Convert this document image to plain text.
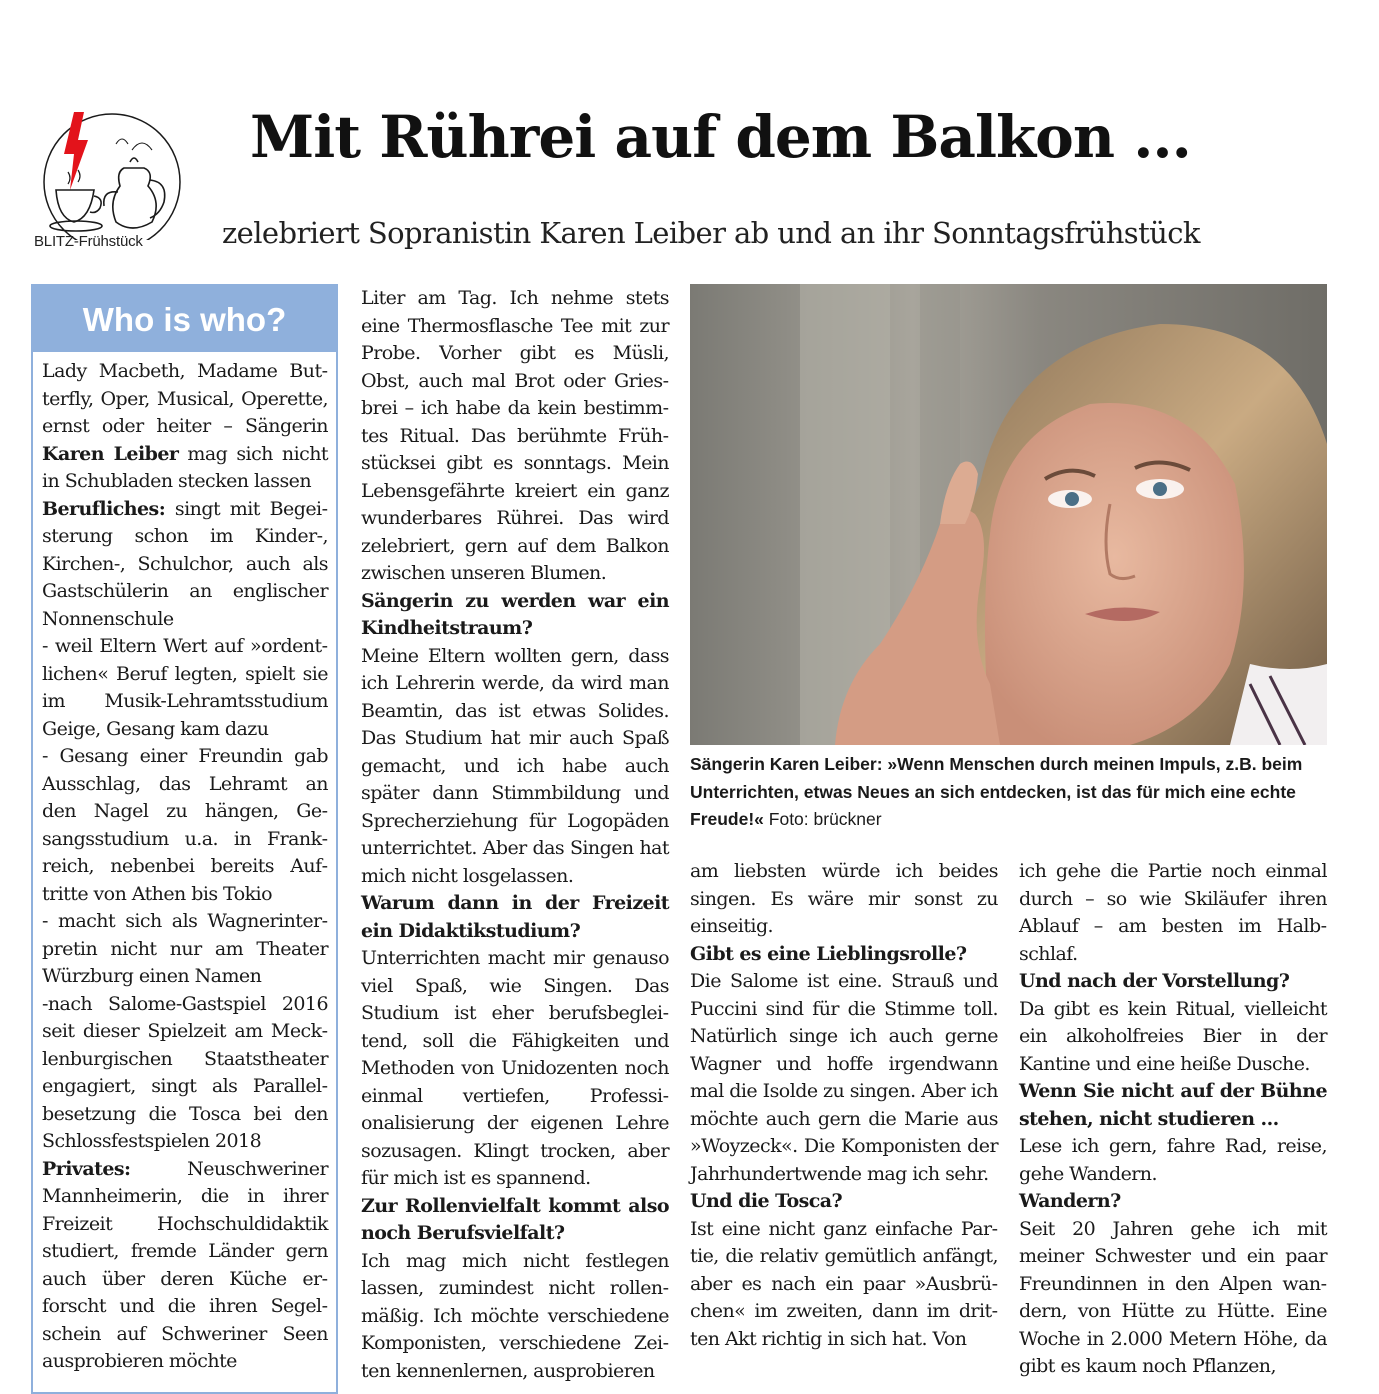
BLITZ-Frühstück
Mit Rührei auf dem Balkon ...
zelebriert Sopranistin Karen Leiber ab und an ihr Sonntagsfrühstück
Who is who?

Lady Macbeth, Madame Butterfly, Oper, Musical, Operette, ernst oder heiter – Sängerin Karen Leiber mag sich nicht in Schubladen stecken lassen

Berufliches: singt mit Begeisterung schon im Kinder-, Kirchen-, Schulchor, auch als Gastschülerin an englischer Nonnenschule

- weil Eltern Wert auf »ordentlichen« Beruf legten, spielt sie im Musik-Lehramtsstudium Geige, Gesang kam dazu

- Gesang einer Freundin gab Ausschlag, das Lehramt an den Nagel zu hängen, Gesangsstudium u.a. in Frankreich, nebenbei bereits Auftritte von Athen bis Tokio

- macht sich als Wagnerinterpretin nicht nur am Theater Würzburg einen Namen

-nach Salome-Gastspiel 2016 seit dieser Spielzeit am Mecklenburgischen Staatstheater engagiert, singt als Parallelbesetzung die Tosca bei den Schlossfestspielen 2018

Privates: Neuschweriner Mannheimerin, die in ihrer Freizeit Hochschuldidaktik studiert, fremde Länder gern auch über deren Küche erforscht und die ihren Segelschein auf Schweriner Seen ausprobieren möchte

Liter am Tag. Ich nehme stets eine Thermosflasche Tee mit zur Probe. Vorher gibt es Müsli, Obst, auch mal Brot oder Griesbrei – ich habe da kein bestimmtes Ritual. Das berühmte Frühstücksei gibt es sonntags. Mein Lebensgefährte kreiert ein ganz wunderbares Rührei. Das wird zelebriert, gern auf dem Balkon zwischen unseren Blumen.

Sängerin zu werden war ein Kindheitstraum?

Meine Eltern wollten gern, dass ich Lehrerin werde, da wird man Beamtin, das ist etwas Solides. Das Studium hat mir auch Spaß gemacht, und ich habe auch später dann Stimmbildung und Sprecherziehung für Logopäden unterrichtet. Aber das Singen hat mich nicht losgelassen.

Warum dann in der Freizeit ein Didaktikstudium?

Unterrichten macht mir genauso viel Spaß, wie Singen. Das Studium ist eher berufsbegleitend, soll die Fähigkeiten und Methoden von Unidozenten noch einmal vertiefen, Professionalisierung der eigenen Lehre sozusagen. Klingt trocken, aber für mich ist es spannend.

Zur Rollenvielfalt kommt also noch Berufsvielfalt?

Ich mag mich nicht festlegen lassen, zumindest nicht rollenmäßig. Ich möchte verschiedene Komponisten, verschiedene Zeiten kennenlernen, ausprobieren

Sängerin Karen Leiber: »Wenn Menschen durch meinen Impuls, z.B. beim Unterrichten, etwas Neues an sich entdecken, ist das für mich eine echte Freude!« Foto: brückner

am liebsten würde ich beides singen. Es wäre mir sonst zu einseitig.

Gibt es eine Lieblingsrolle?

Die Salome ist eine. Strauß und Puccini sind für die Stimme toll. Natürlich singe ich auch gerne Wagner und hoffe irgendwann mal die Isolde zu singen. Aber ich möchte auch gern die Marie aus »Woyzeck«. Die Komponisten der Jahrhundertwende mag ich sehr.

Und die Tosca?

Ist eine nicht ganz einfache Partie, die relativ gemütlich anfängt, aber es nach ein paar »Ausbrüchen« im zweiten, dann im dritten Akt richtig in sich hat. Von

ich gehe die Partie noch einmal durch – so wie Skiläufer ihren Ablauf – am besten im Halbschlaf.

Und nach der Vorstellung?

Da gibt es kein Ritual, vielleicht ein alkoholfreies Bier in der Kantine und eine heiße Dusche.

Wenn Sie nicht auf der Bühne stehen, nicht studieren ...

Lese ich gern, fahre Rad, reise, gehe Wandern.

Wandern?

Seit 20 Jahren gehe ich mit meiner Schwester und ein paar Freundinnen in den Alpen wandern, von Hütte zu Hütte. Eine Woche in 2.000 Metern Höhe, da gibt es kaum noch Pflanzen,
